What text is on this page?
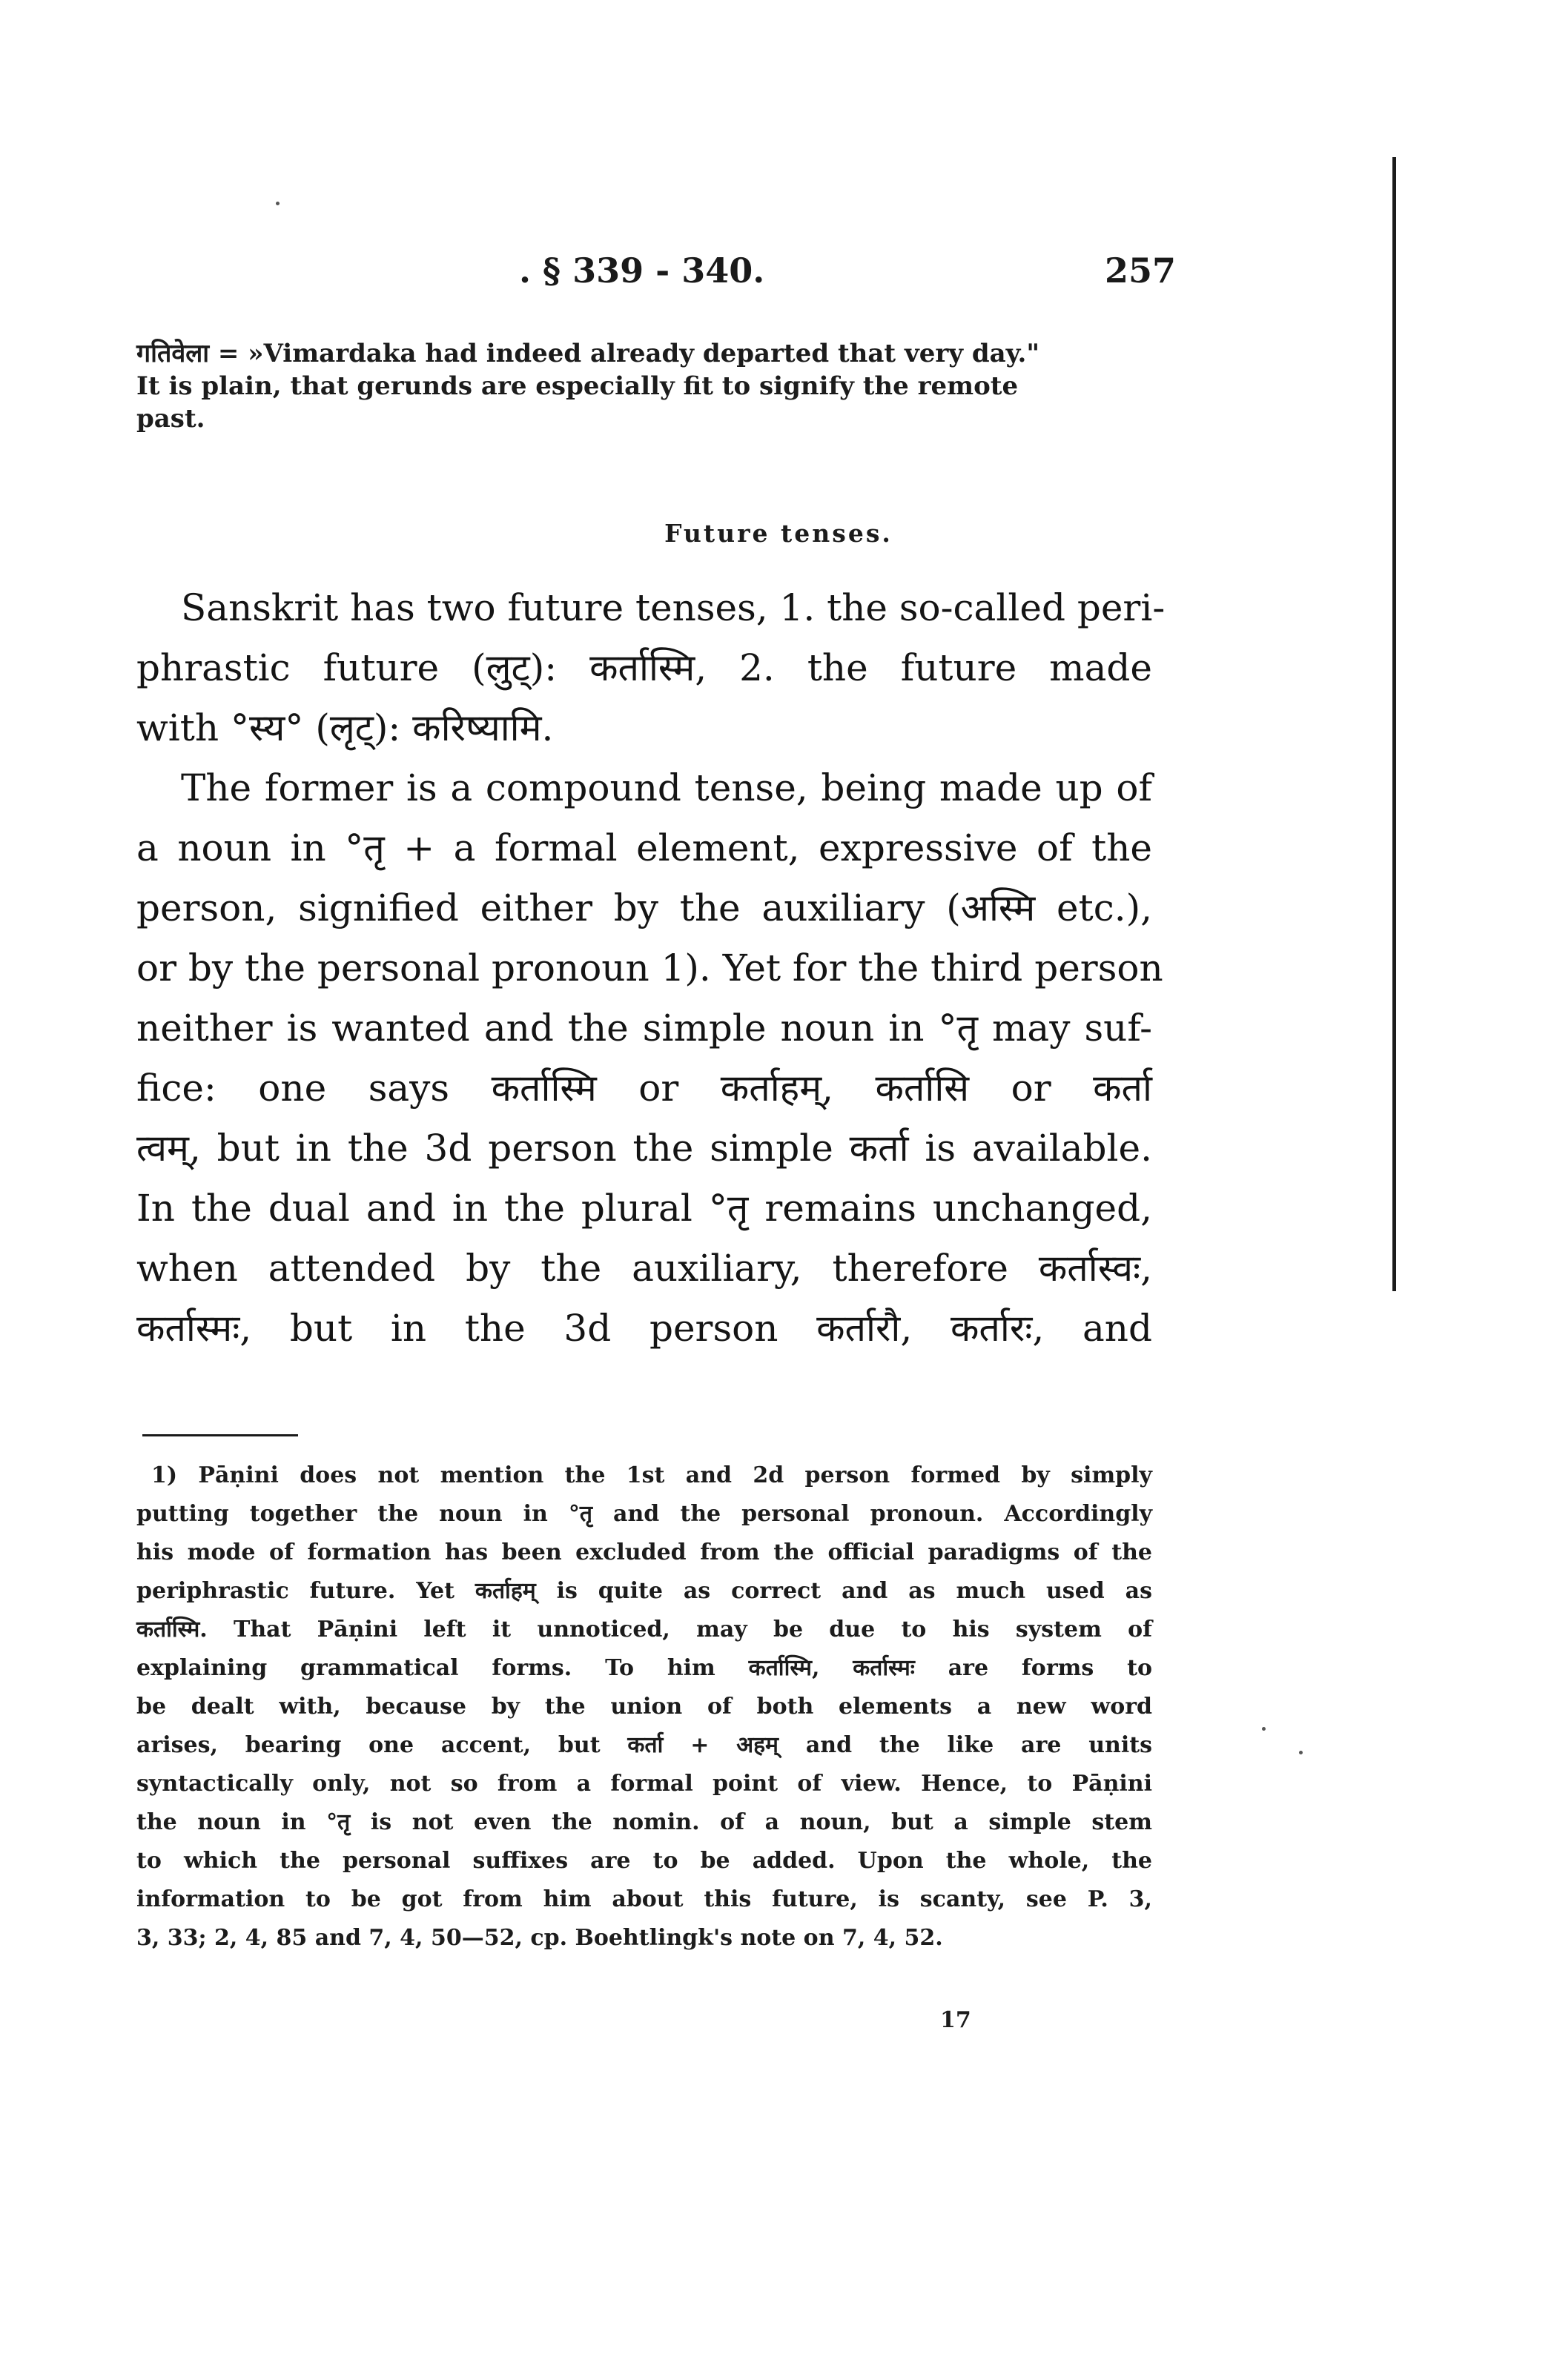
. § 339 - 340.	257
गतिवेला = »Vimardaka had indeed already departed that very day."
It is plain, that gerunds are especially fit to signify the remote
past.
Future tenses.
Sanskrit has two future tenses, 1. the so-called peri-
phrastic future (लुट्): कर्तास्मि, 2. the future made
with °स्य° (लृट्): करिष्यामि.
The former is a compound tense, being made up of
a noun in °तृ + a formal element, expressive of the
person, signified either by the auxiliary (अस्मि etc.),
or by the personal pronoun 1). Yet for the third person
neither is wanted and the simple noun in °तृ may suf-
fice: one says कर्तास्मि or कर्ताहम्, कर्तासि or कर्ता
त्वम्, but in the 3d person the simple कर्ता is available.
In the dual and in the plural °तृ remains unchanged,
when attended by the auxiliary, therefore कर्तास्वः,
कर्तास्मः, but in the 3d person कर्तारौ, कर्तारः, and
1) Pāṇini does not mention the 1st and 2d person formed by simply
putting together the noun in °तृ and the personal pronoun. Accordingly
his mode of formation has been excluded from the official paradigms of the
periphrastic future. Yet कर्ताहम् is quite as correct and as much used as
कर्तास्मि. That Pāṇini left it unnoticed, may be due to his system of
explaining grammatical forms. To him कर्तास्मि, कर्तास्मः are forms to
be dealt with, because by the union of both elements a new word
arises, bearing one accent, but कर्ता + अहम् and the like are units
syntactically only, not so from a formal point of view. Hence, to Pāṇini
the noun in °तृ is not even the nomin. of a noun, but a simple stem
to which the personal suffixes are to be added. Upon the whole, the
information to be got from him about this future, is scanty, see P. 3,
3, 33; 2, 4, 85 and 7, 4, 50—52, cp. Boehtlingk's note on 7, 4, 52.
17
